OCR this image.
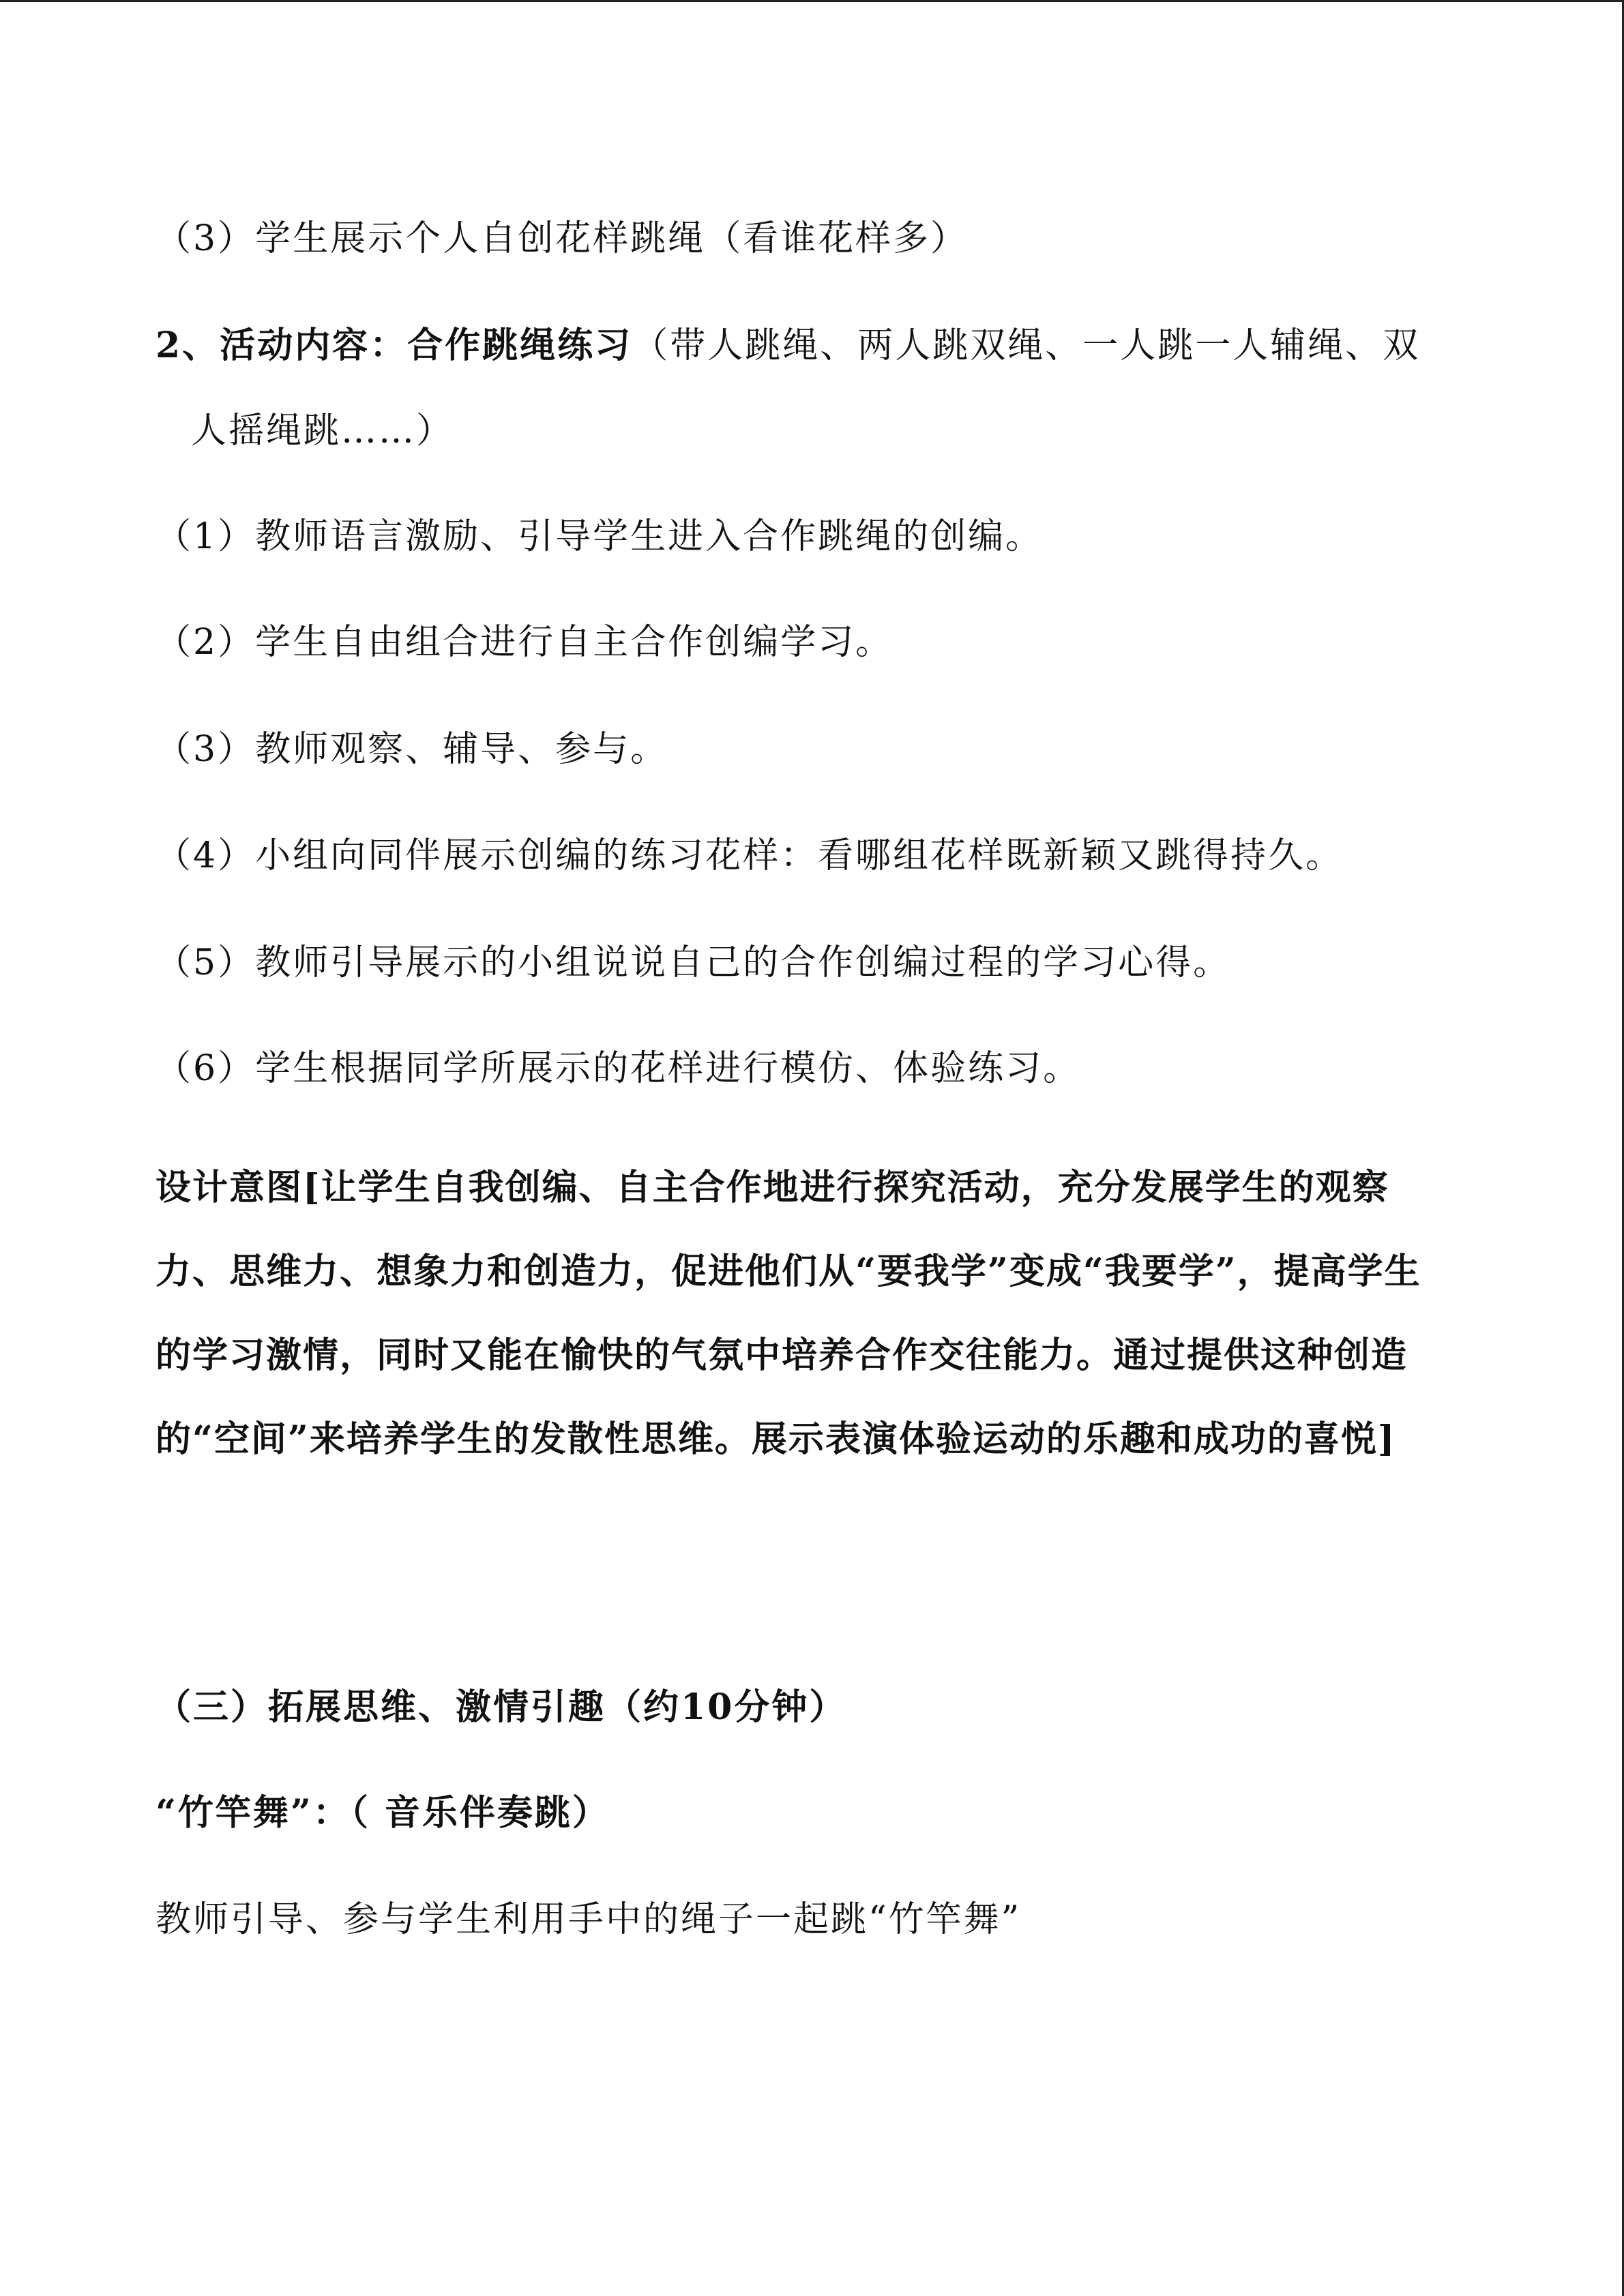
（3）学生展示个人自创花样跳绳（看谁花样多）
2、活动内容：合作跳绳练习（带人跳绳、两人跳双绳、一人跳一人辅绳、双
人摇绳跳……）
（1）教师语言激励、引导学生进入合作跳绳的创编。
（2）学生自由组合进行自主合作创编学习。
（3）教师观察、辅导、参与。
（4）小组向同伴展示创编的练习花样：看哪组花样既新颖又跳得持久。
（5）教师引导展示的小组说说自己的合作创编过程的学习心得。
（6）学生根据同学所展示的花样进行模仿、体验练习。
设计意图[让学生自我创编、自主合作地进行探究活动，充分发展学生的观察力、思维力、想象力和创造力，促进他们从“要我学”变成“我要学”，提高学生的学习激情，同时又能在愉快的气氛中培养合作交往能力。通过提供这种创造的“空间”来培养学生的发散性思维。展示表演体验运动的乐趣和成功的喜悦]
（三）拓展思维、激情引趣（约10分钟）
“竹竿舞”：（ 音乐伴奏跳）
教师引导、参与学生利用手中的绳子一起跳“竹竿舞”
